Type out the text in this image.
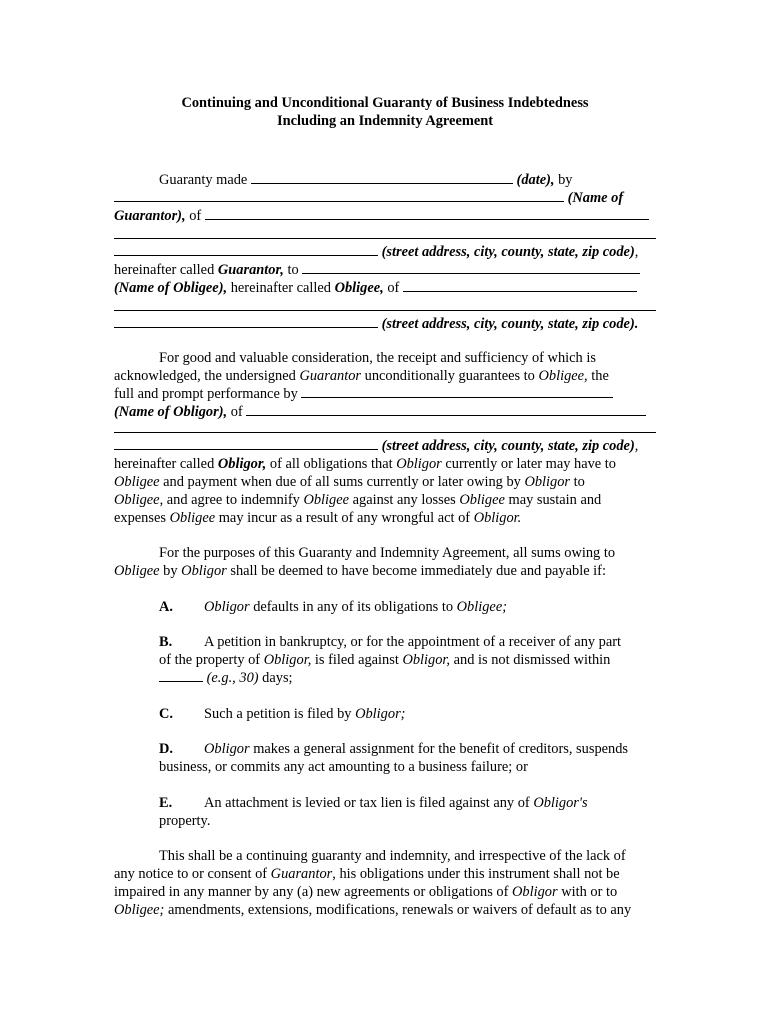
Continuing and Unconditional Guaranty of Business Indebtedness
Including an Indemnity Agreement
Guaranty made	(date), by
(Name of
Guarantor), of
(street address, city, county, state, zip code),
hereinafter called Guarantor, to
(Name of Obligee), hereinafter called Obligee, of
(street address, city, county, state, zip code).
For good and valuable consideration, the receipt and sufficiency of which is
acknowledged, the undersigned Guarantor unconditionally guarantees to Obligee, the
full and prompt performance by
(Name of Obligor), of
(street address, city, county, state, zip code),
hereinafter called Obligor, of all obligations that Obligor currently or later may have to
Obligee and payment when due of all sums currently or later owing by Obligor to
Obligee, and agree to indemnify Obligee against any losses Obligee may sustain and
expenses Obligee may incur as a result of any wrongful act of Obligor.
For the purposes of this Guaranty and Indemnity Agreement, all sums owing to
Obligee by Obligor shall be deemed to have become immediately due and payable if:
A. Obligor defaults in any of its obligations to Obligee;
B. A petition in bankruptcy, or for the appointment of a receiver of any part
of the property of Obligor, is filed against Obligor, and is not dismissed within
(e.g., 30) days;
C. Such a petition is filed by Obligor;
D. Obligor makes a general assignment for the benefit of creditors, suspends
business, or commits any act amounting to a business failure; or
E. An attachment is levied or tax lien is filed against any of Obligor's
property.
This shall be a continuing guaranty and indemnity, and irrespective of the lack of
any notice to or consent of Guarantor, his obligations under this instrument shall not be
impaired in any manner by any (a) new agreements or obligations of Obligor with or to
Obligee; amendments, extensions, modifications, renewals or waivers of default as to any
